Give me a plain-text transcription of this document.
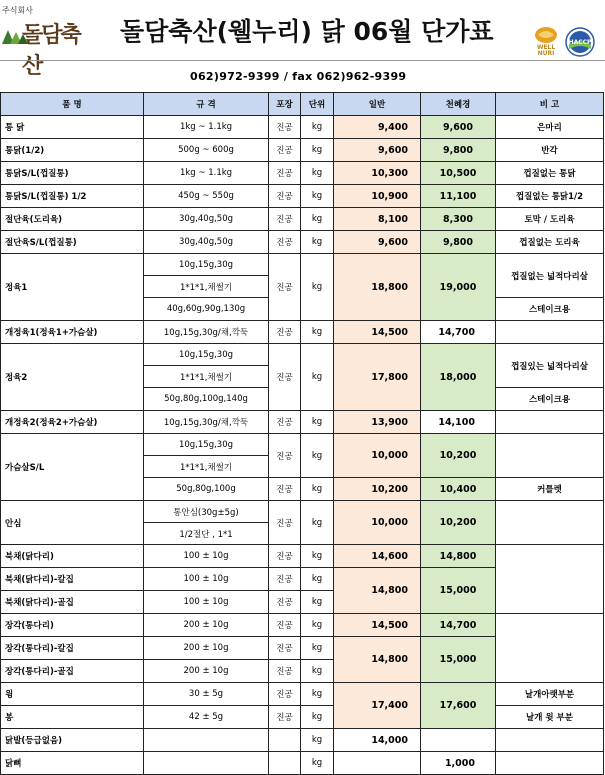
주식회사
돌담축산
돌담축산(웰누리) 닭 06월 단가표
WELL NURI
HACCP
062)972-9399 / fax 062)962-9399
품 명	규 격	포장	단위	일반	천혜경	비 고
통 닭	1kg ~ 1.1kg	진공	kg	9,400	9,600	은마리
통닭(1/2)	500g ~ 600g	진공	kg	9,600	9,800	반각
통닭S/L(껍질통)	1kg ~ 1.1kg	진공	kg	10,300	10,500	껍질없는 통닭
통닭S/L(껍질통) 1/2	450g ~ 550g	진공	kg	10,900	11,100	껍질없는 통닭1/2
절단육(도리육)	30g,40g,50g	진공	kg	8,100	8,300	토막 / 도리육
절단육S/L(껍질통)	30g,40g,50g	진공	kg	9,600	9,800	껍질없는 도리육
정육1	10g,15g,30g	진공	kg	18,800	19,000	껍질없는 넓적다리살
	1*1*1,채썰기					
	40g,60g,90g,130g					스테이크용
개정육1(정육1+가슴살)	10g,15g,30g/채,깍둑	진공	kg	14,500	14,700	
정육2	10g,15g,30g	진공	kg	17,800	18,000	껍질있는 넓적다리살
	1*1*1,채썰기					
	50g,80g,100g,140g					스테이크용
개정육2(정육2+가슴살)	10g,15g,30g/채,깍둑	진공	kg	13,900	14,100	
가슴살S/L	10g,15g,30g	진공	kg	10,000	10,200	
	1*1*1,채썰기					
	50g,80g,100g	진공	kg	10,200	10,400	커틀렛
안심	통안심(30g±5g)	진공	kg	10,000	10,200	
	1/2절단 , 1*1					
북채(닭다리)	100 ± 10g	진공	kg	14,600	14,800	
북채(닭다리)-칼집	100 ± 10g	진공	kg	14,800	15,000	
북채(닭다리)-골집	100 ± 10g	진공	kg			
장각(통다리)	200 ± 10g	진공	kg	14,500	14,700	
장각(통다리)-칼집	200 ± 10g	진공	kg	14,800	15,000	
장각(통다리)-골집	200 ± 10g	진공	kg			
윙	30 ± 5g	진공	kg	17,400	17,600	날개아랫부분
봉	42 ± 5g	진공	kg			날개 윗 부분
닭발(등급없음)			kg	14,000		
닭뼈			kg		1,000	
